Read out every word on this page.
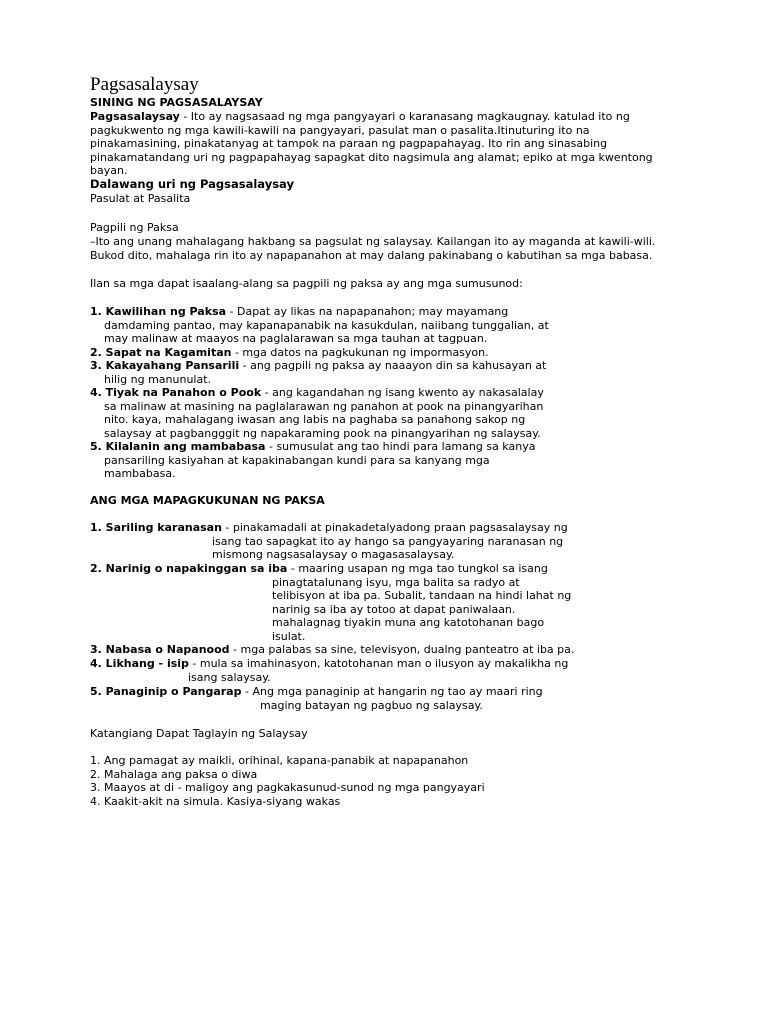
Pagsasalaysay
SINING NG PAGSASALAYSAY
Pagsasalaysay - Ito ay nagsasaad ng mga pangyayari o karanasang magkaugnay. katulad ito ng
pagkukwento ng mga kawili-kawili na pangyayari, pasulat man o pasalita.Itinuturing ito na
pinakamasining, pinakatanyag at tampok na paraan ng pagpapahayag. Ito rin ang sinasabing
pinakamatandang uri ng pagpapahayag sapagkat dito nagsimula ang alamat; epiko at mga kwentong
bayan.
Dalawang uri ng Pagsasalaysay
Pasulat at Pasalita
Pagpili ng Paksa
–Ito ang unang mahalagang hakbang sa pagsulat ng salaysay. Kailangan ito ay maganda at kawili-wili.
Bukod dito, mahalaga rin ito ay napapanahon at may dalang pakinabang o kabutihan sa mga babasa.
Ilan sa mga dapat isaalang-alang sa pagpili ng paksa ay ang mga sumusunod:
1. Kawilihan ng Paksa - Dapat ay likas na napapanahon; may mayamang
damdaming pantao, may kapanapanabik na kasukdulan, naiibang tunggalian, at
may malinaw at maayos na paglalarawan sa mga tauhan at tagpuan.
2. Sapat na Kagamitan - mga datos na pagkukunan ng impormasyon.
3. Kakayahang Pansarili - ang pagpili ng paksa ay naaayon din sa kahusayan at
hilig ng manunulat.
4. Tiyak na Panahon o Pook - ang kagandahan ng isang kwento ay nakasalalay
sa malinaw at masining na paglalarawan ng panahon at pook na pinangyarihan
nito. kaya, mahalagang iwasan ang labis na paghaba sa panahong sakop ng
salaysay at pagbangggit ng napakaraming pook na pinangyarihan ng salaysay.
5. Kilalanin ang mambabasa - sumusulat ang tao hindi para lamang sa kanya
pansariling kasiyahan at kapakinabangan kundi para sa kanyang mga
mambabasa.
ANG MGA MAPAGKUKUNAN NG PAKSA
1. Sariling karanasan - pinakamadali at pinakadetalyadong praan pagsasalaysay ng
isang tao sapagkat ito ay hango sa pangyayaring naranasan ng
mismong nagsasalaysay o magasasalaysay.
2. Narinig o napakinggan sa iba - maaring usapan ng mga tao tungkol sa isang
pinagtatalunang isyu, mga balita sa radyo at
telibisyon at iba pa. Subalit, tandaan na hindi lahat ng
narinig sa iba ay totoo at dapat paniwalaan.
mahalagnag tiyakin muna ang katotohanan bago
isulat.
3. Nabasa o Napanood - mga palabas sa sine, televisyon, dualng panteatro at iba pa.
4. Likhang - isip - mula sa imahinasyon, katotohanan man o ilusyon ay makalikha ng
isang salaysay.
5. Panaginip o Pangarap - Ang mga panaginip at hangarin ng tao ay maari ring
maging batayan ng pagbuo ng salaysay.
Katangiang Dapat Taglayin ng Salaysay
1. Ang pamagat ay maikli, orihinal, kapana-panabik at napapanahon
2. Mahalaga ang paksa o diwa
3. Maayos at di - maligoy ang pagkakasunud-sunod ng mga pangyayari
4. Kaakit-akit na simula. Kasiya-siyang wakas
